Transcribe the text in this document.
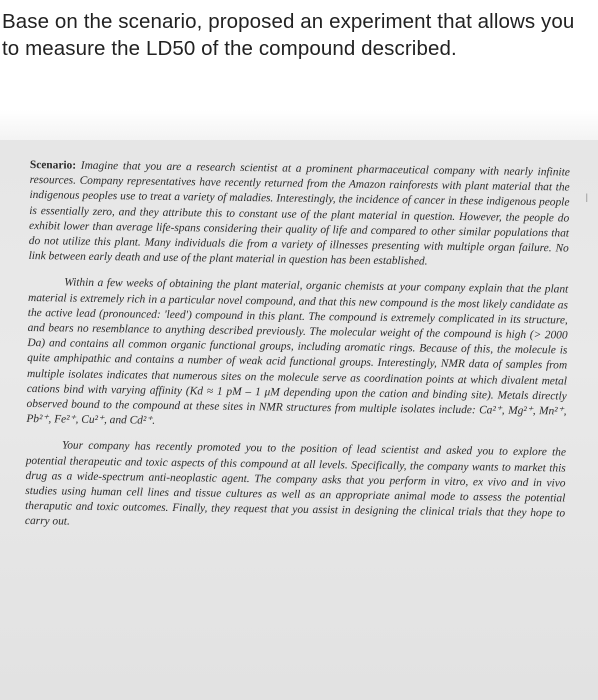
Base on the scenario, proposed an experiment that allows you to measure the LD50 of the compound described.
|

Scenario: Imagine that you are a research scientist at a prominent pharmaceutical company with nearly infinite resources. Company representatives have recently returned from the Amazon rainforests with plant material that the indigenous peoples use to treat a variety of maladies. Interestingly, the incidence of cancer in these indigenous people is essentially zero, and they attribute this to constant use of the plant material in question. However, the people do exhibit lower than average life-spans considering their quality of life and compared to other similar populations that do not utilize this plant. Many individuals die from a variety of illnesses presenting with multiple organ failure. No link between early death and use of the plant material in question has been established.

Within a few weeks of obtaining the plant material, organic chemists at your company explain that the plant material is extremely rich in a particular novel compound, and that this new compound is the most likely candidate as the active lead (pronounced: 'leed') compound in this plant. The compound is extremely complicated in its structure, and bears no resemblance to anything described previously. The molecular weight of the compound is high (> 2000 Da) and contains all common organic functional groups, including aromatic rings. Because of this, the molecule is quite amphipathic and contains a number of weak acid functional groups. Interestingly, NMR data of samples from multiple isolates indicates that numerous sites on the molecule serve as coordination points at which divalent metal cations bind with varying affinity (Kd ≈ 1 pM – 1 μM depending upon the cation and binding site). Metals directly observed bound to the compound at these sites in NMR structures from multiple isolates include: Ca²⁺, Mg²⁺, Mn²⁺, Pb²⁺, Fe²⁺, Cu²⁺, and Cd²⁺.

Your company has recently promoted you to the position of lead scientist and asked you to explore the potential therapeutic and toxic aspects of this compound at all levels. Specifically, the company wants to market this drug as a wide-spectrum anti-neoplastic agent. The company asks that you perform in vitro, ex vivo and in vivo studies using human cell lines and tissue cultures as well as an appropriate animal mode to assess the potential theraputic and toxic outcomes. Finally, they request that you assist in designing the clinical trials that they hope to carry out.
